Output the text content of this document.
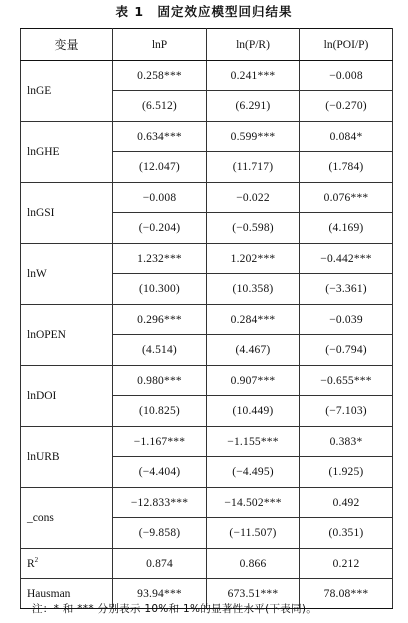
表 1　固定效应模型回归结果
变量	lnP	ln(P/R)	ln(POI/P)
lnGE	0.258***	0.241***	−0.008
	(6.512)	(6.291)	(−0.270)
lnGHE	0.634***	0.599***	0.084*
	(12.047)	(11.717)	(1.784)
lnGSI	−0.008	−0.022	0.076***
	(−0.204)	(−0.598)	(4.169)
lnW	1.232***	1.202***	−0.442***
	(10.300)	(10.358)	(−3.361)
lnOPEN	0.296***	0.284***	−0.039
	(4.514)	(4.467)	(−0.794)
lnDOI	0.980***	0.907***	−0.655***
	(10.825)	(10.449)	(−7.103)
lnURB	−1.167***	−1.155***	0.383*
	(−4.404)	(−4.495)	(1.925)
_cons	−12.833***	−14.502***	0.492
	(−9.858)	(−11.507)	(0.351)
$R^2$	0.874	0.866	0.212
Hausman	93.94***	673.51***	78.08***
注：* 和 *** 分别表示 10%和 1%的显著性水平(下表同)。
